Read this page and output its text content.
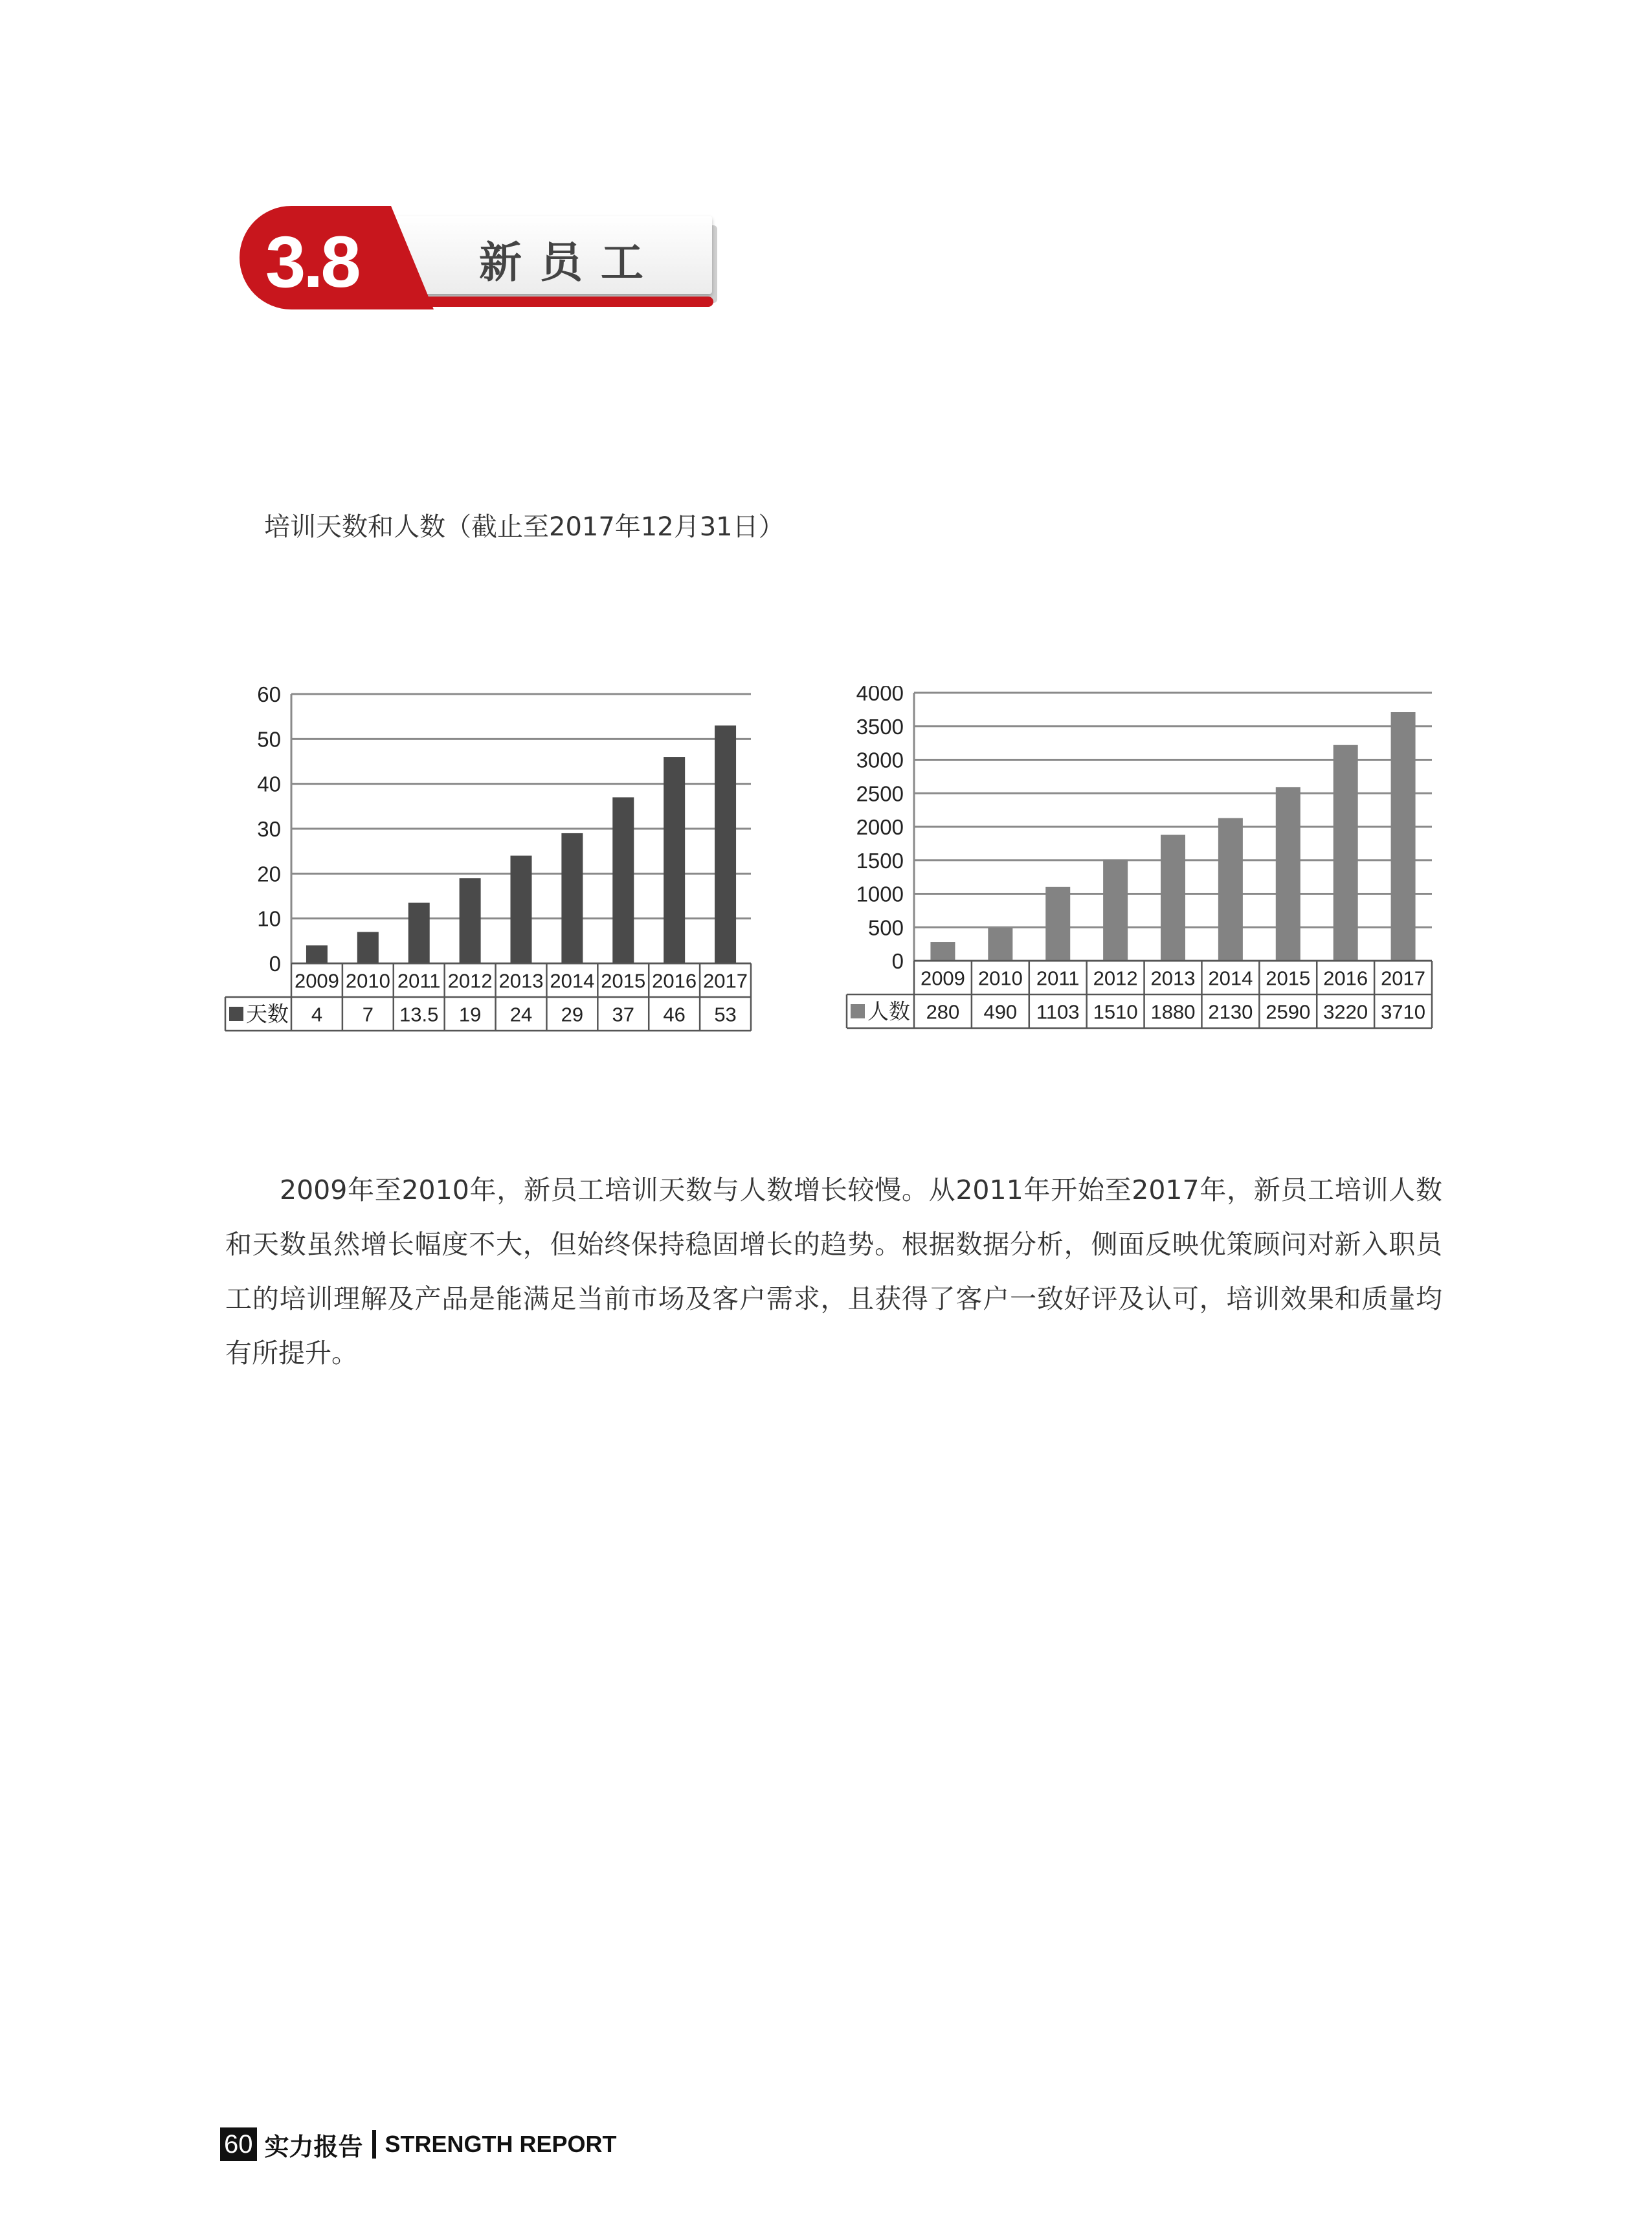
3.8	新员工
培训天数和人数（截止至2017年12月31日）
0
10
20
30
40
50
60
2009
4
2010
7
2011
13.5
2012
19
2013
24
2014
29
2015
37
2016
46
2017
53
天数
0
500
1000
1500
2000
2500
3000
3500
4000
2009
280
2010
490
2011
1103
2012
1510
2013
1880
2014
2130
2015
2590
2016
3220
2017
3710
人数
2009年至2010年，新员工培训天数与人数增长较慢。从2011年开始至2017年，新员工培训人数和天数虽然增长幅度不大，但始终保持稳固增长的趋势。根据数据分析，侧面反映优策顾问对新入职员工的培训理解及产品是能满足当前市场及客户需求，且获得了客户一致好评及认可，培训效果和质量均有所提升。
60 实力报告 STRENGTH REPORT
